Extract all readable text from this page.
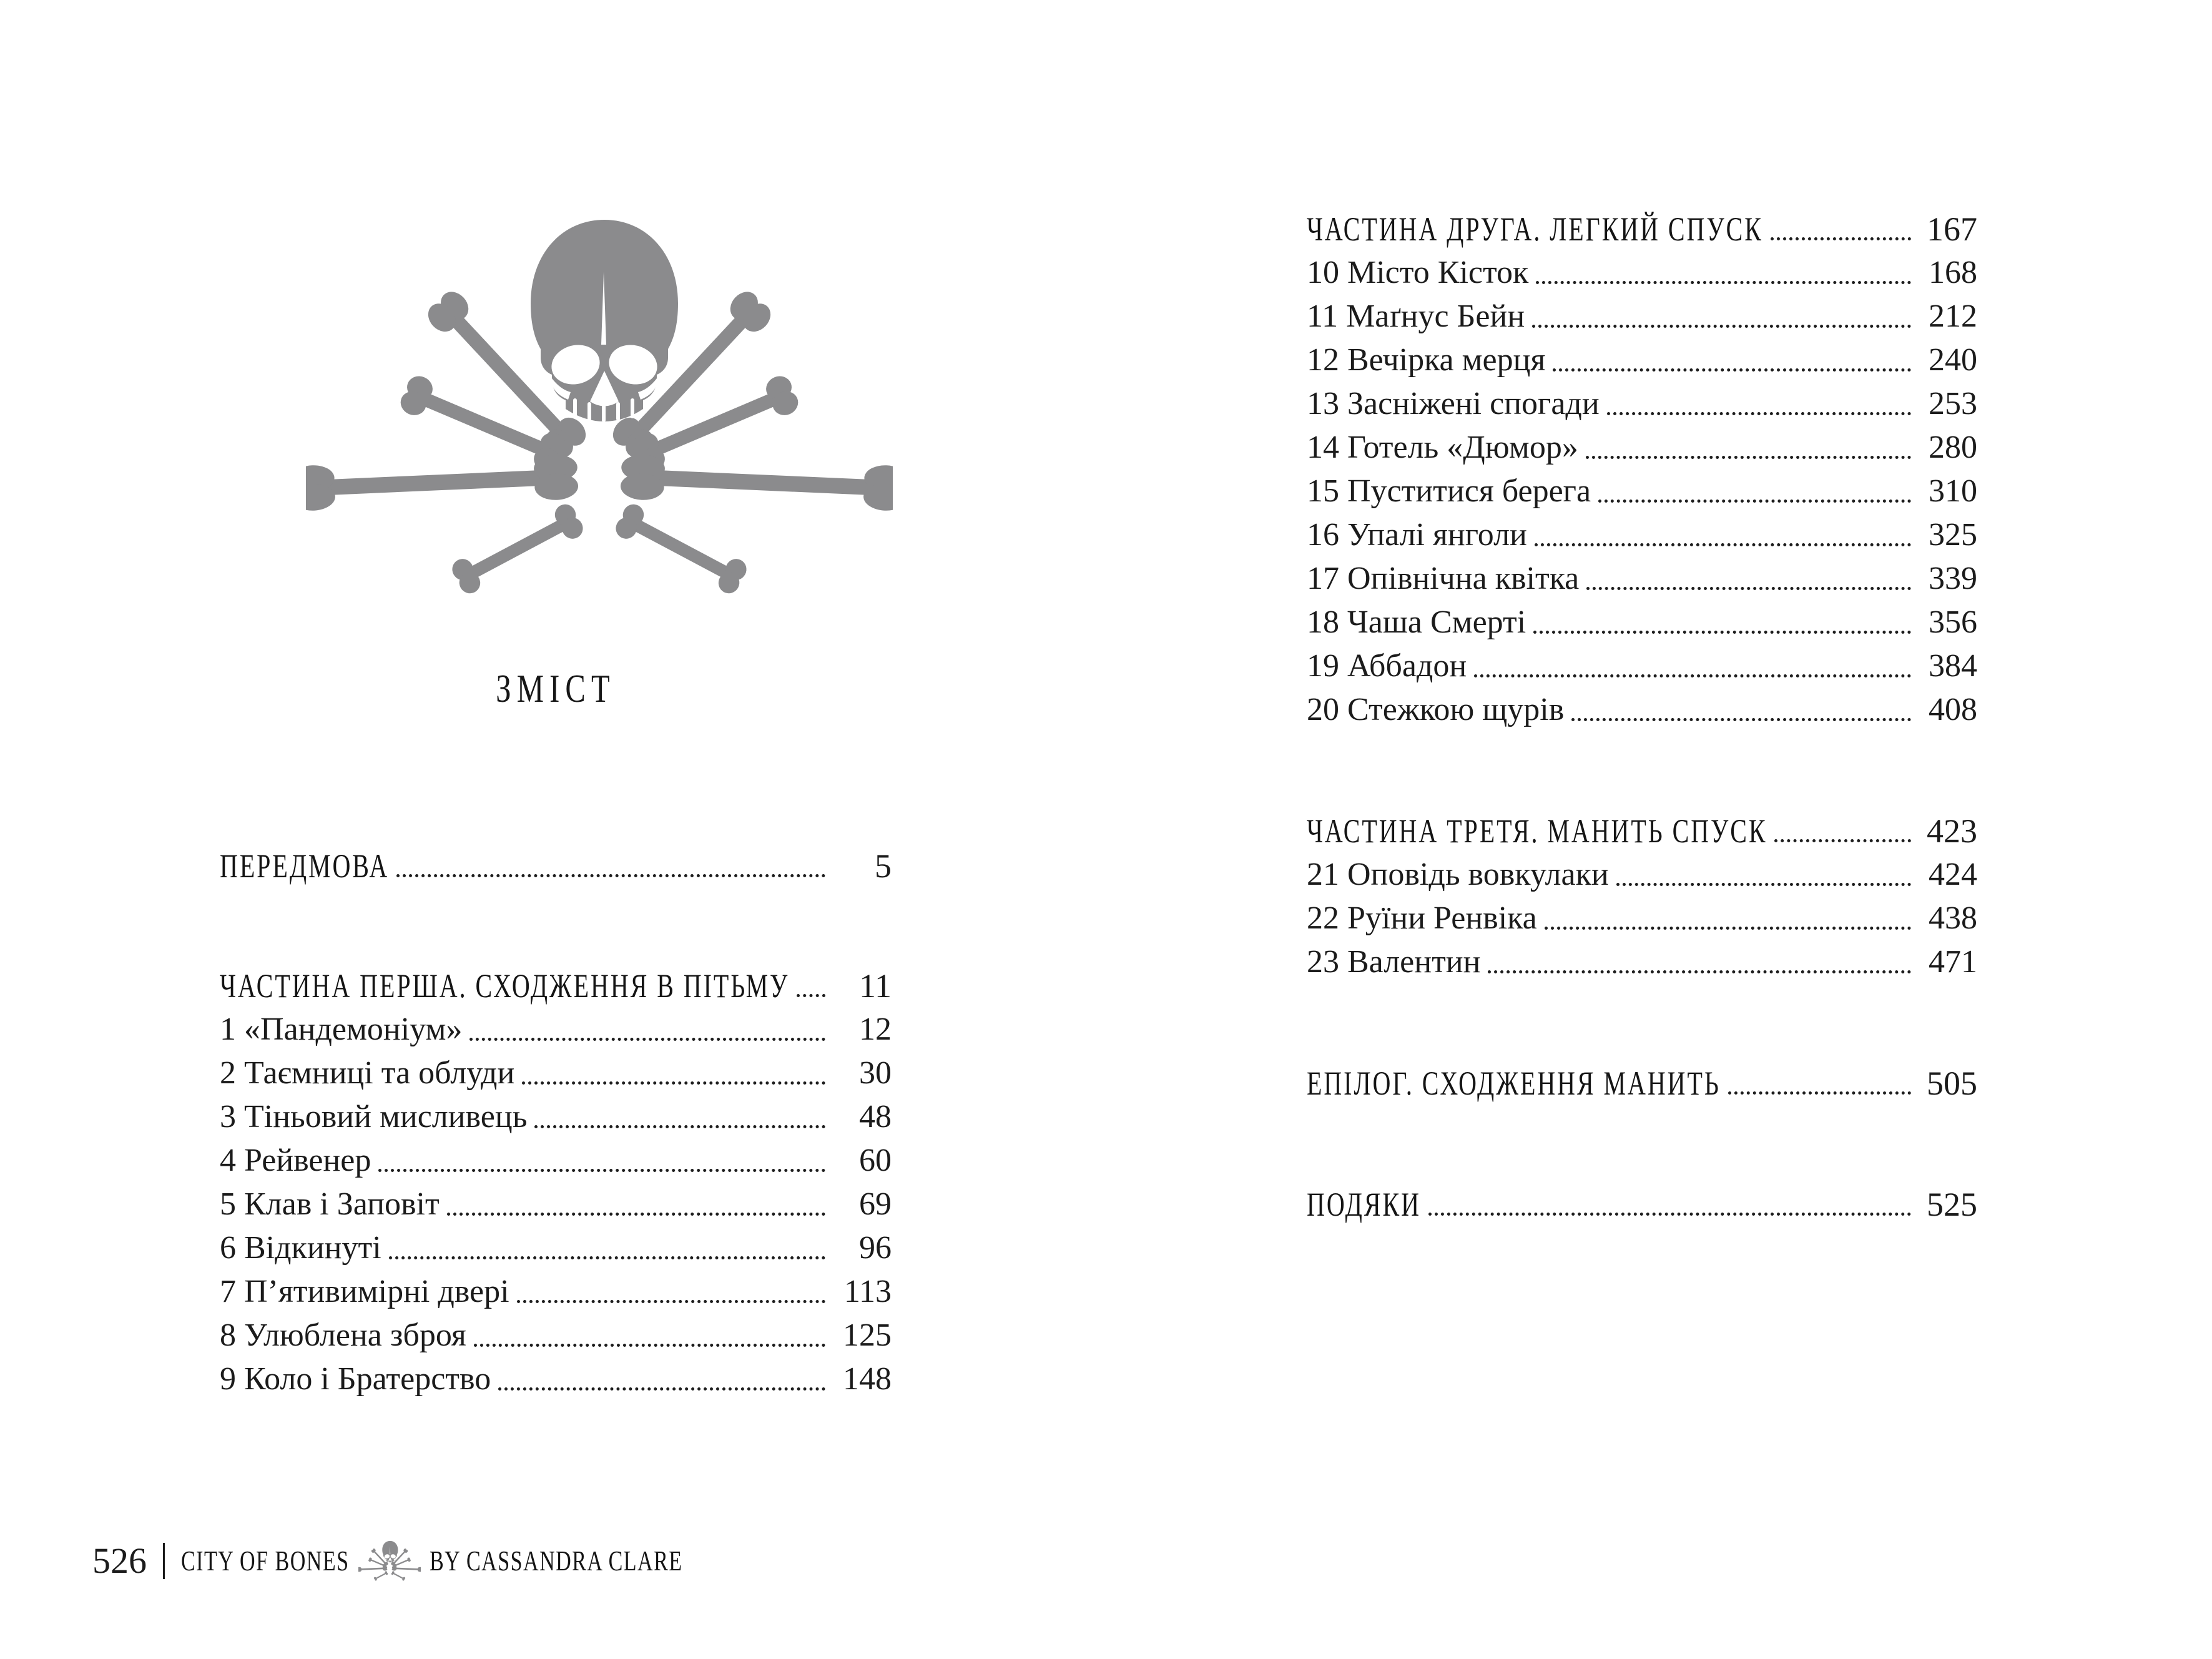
ЗМІСТ
ПЕРЕДМОВА	5
ЧАСТИНА ПЕРША. СХОДЖЕННЯ В ПІТЬМУ	11
1 «Пандемоніум»	12
2 Таємниці та облуди	30
3 Тіньовий мисливець	48
4 Рейвенер	60
5 Клав і Заповіт	69
6 Відкинуті	96
7 П’ятивимірні двері	113
8 Улюблена зброя	125
9 Коло і Братерство	148
ЧАСТИНА ДРУГА. ЛЕГКИЙ СПУСК	167
10 Місто Кісток	168
11 Маґнус Бейн	212
12 Вечірка мерця	240
13 Засніжені спогади	253
14 Готель «Дюмор»	280
15 Пуститися берега	310
16 Упалі янголи	325
17 Опівнічна квітка	339
18 Чаша Смерті	356
19 Аббадон	384
20 Стежкою щурів	408
ЧАСТИНА ТРЕТЯ. МАНИТЬ СПУСК	423
21 Оповідь вовкулаки	424
22 Руїни Ренвіка	438
23 Валентин	471
ЕПІЛОГ. СХОДЖЕННЯ МАНИТЬ	505
ПОДЯКИ	525
526 CITY OF BONES	BY CASSANDRA CLARE
